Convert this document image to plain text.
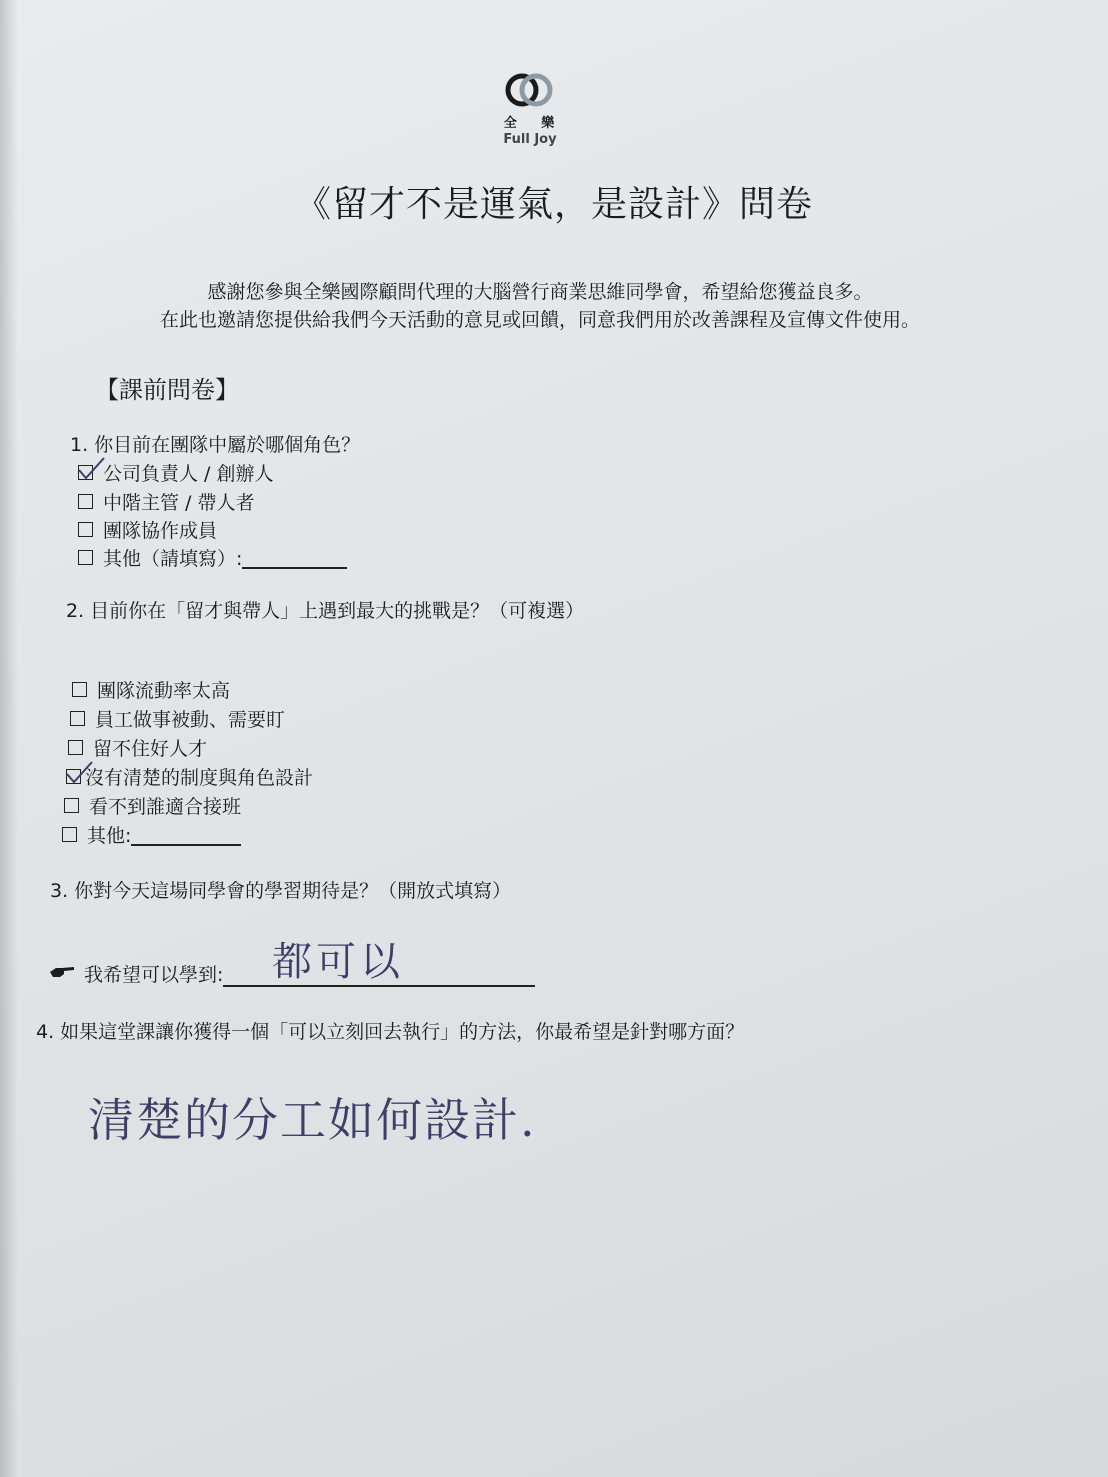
全 樂
Full Joy
《留才不是運氣，是設計》問卷
感謝您參與全樂國際顧問代理的大腦營行商業思維同學會，希望給您獲益良多。
在此也邀請您提供給我們今天活動的意見或回饋，同意我們用於改善課程及宣傳文件使用。
【課前問卷】
1. 你目前在團隊中屬於哪個角色？
公司負責人 / 創辦人
中階主管 / 帶人者
團隊協作成員
其他（請填寫）:
2. 目前你在「留才與帶人」上遇到最大的挑戰是？（可複選）
團隊流動率太高
員工做事被動、需要盯
留不住好人才
沒有清楚的制度與角色設計
看不到誰適合接班
其他:
3. 你對今天這場同學會的學習期待是？（開放式填寫）
我希望可以學到: 都可以
4. 如果這堂課讓你獲得一個「可以立刻回去執行」的方法，你最希望是針對哪方面？
清楚的分工如何設計.
